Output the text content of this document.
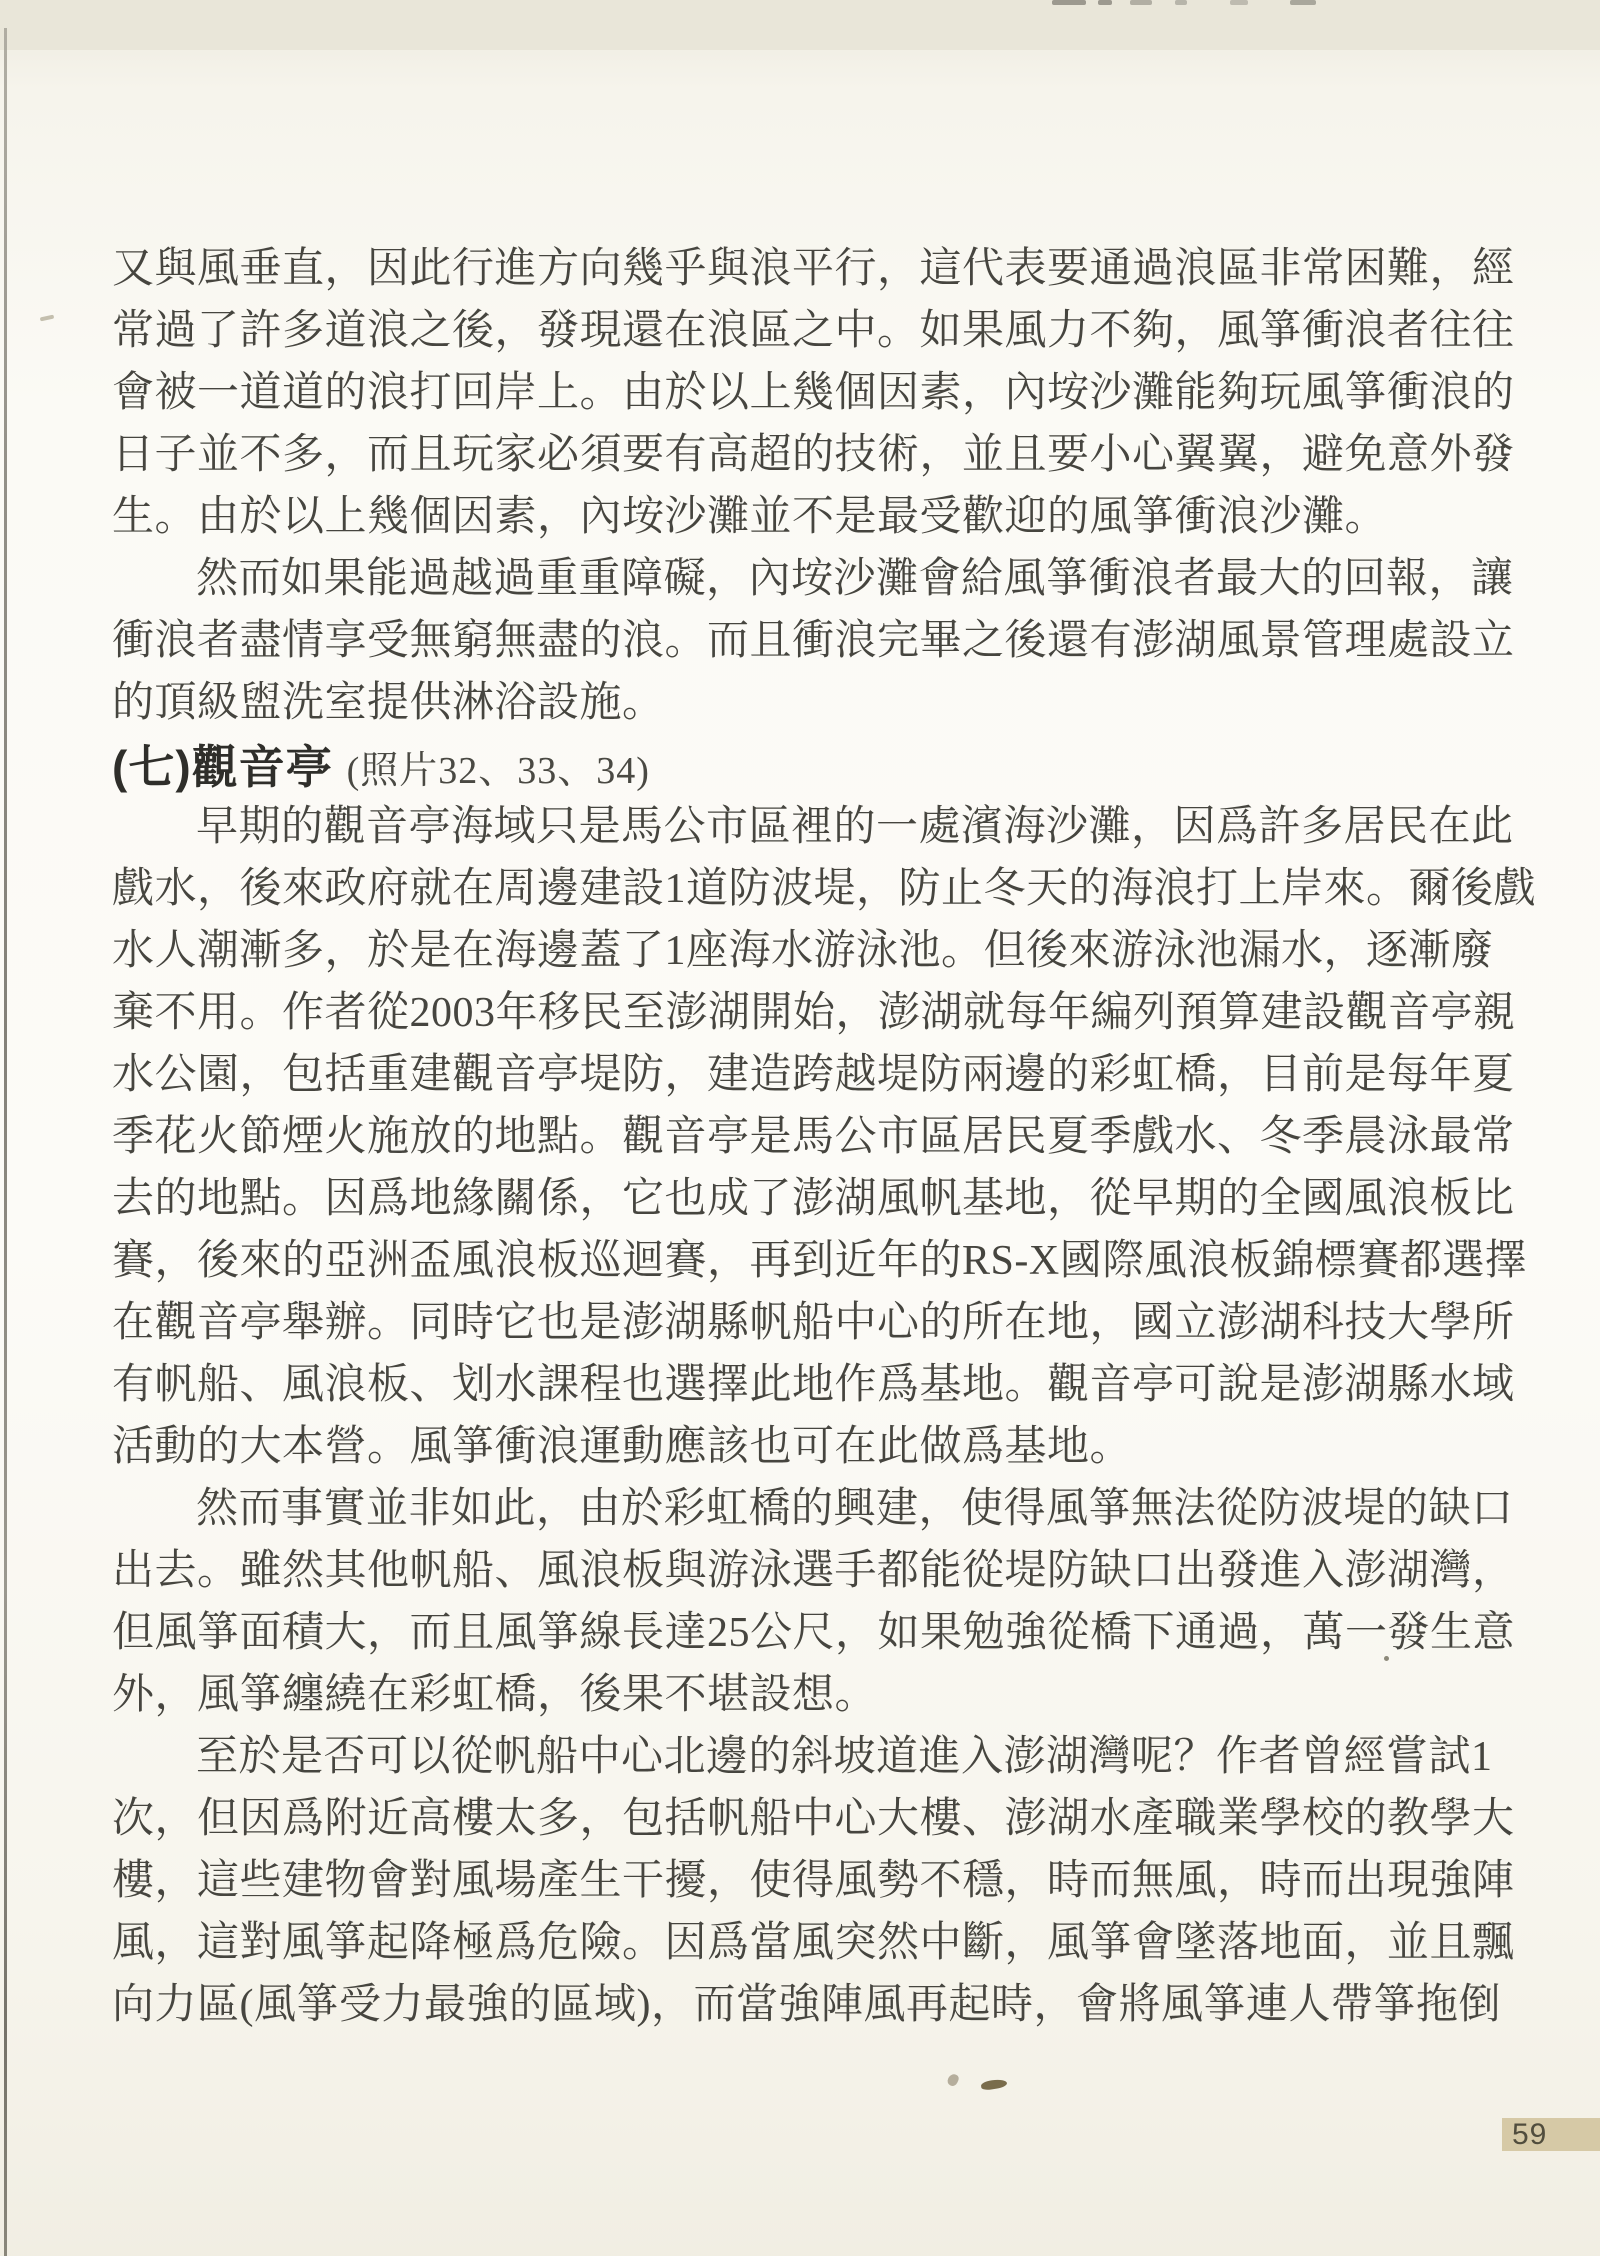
(七)觀音亭 (照片32、33、34)
又與風垂直，因此行進方向幾乎與浪平行，這代表要通過浪區非常困難，經
常過了許多道浪之後，發現還在浪區之中。如果風力不夠，風箏衝浪者往往
會被一道道的浪打回岸上。由於以上幾個因素，內垵沙灘能夠玩風箏衝浪的
日子並不多，而且玩家必須要有高超的技術，並且要小心翼翼，避免意外發
生。由於以上幾個因素，內垵沙灘並不是最受歡迎的風箏衝浪沙灘。
然而如果能過越過重重障礙，內垵沙灘會給風箏衝浪者最大的回報，讓
衝浪者盡情享受無窮無盡的浪。而且衝浪完畢之後還有澎湖風景管理處設立
的頂級盥洗室提供淋浴設施。
早期的觀音亭海域只是馬公市區裡的一處濱海沙灘，因爲許多居民在此
戲水，後來政府就在周邊建設1道防波堤，防止冬天的海浪打上岸來。爾後戲
水人潮漸多，於是在海邊蓋了1座海水游泳池。但後來游泳池漏水，逐漸廢
棄不用。作者從2003年移民至澎湖開始，澎湖就每年編列預算建設觀音亭親
水公園，包括重建觀音亭堤防，建造跨越堤防兩邊的彩虹橋，目前是每年夏
季花火節煙火施放的地點。觀音亭是馬公市區居民夏季戲水、冬季晨泳最常
去的地點。因爲地緣關係，它也成了澎湖風帆基地，從早期的全國風浪板比
賽，後來的亞洲盃風浪板巡迴賽，再到近年的RS-X國際風浪板錦標賽都選擇
在觀音亭舉辦。同時它也是澎湖縣帆船中心的所在地，國立澎湖科技大學所
有帆船、風浪板、划水課程也選擇此地作爲基地。觀音亭可說是澎湖縣水域
活動的大本營。風箏衝浪運動應該也可在此做爲基地。
然而事實並非如此，由於彩虹橋的興建，使得風箏無法從防波堤的缺口
出去。雖然其他帆船、風浪板與游泳選手都能從堤防缺口出發進入澎湖灣，
但風箏面積大，而且風箏線長達25公尺，如果勉強從橋下通過，萬一發生意
外，風箏纏繞在彩虹橋，後果不堪設想。
至於是否可以從帆船中心北邊的斜坡道進入澎湖灣呢？作者曾經嘗試1
次，但因爲附近高樓太多，包括帆船中心大樓、澎湖水產職業學校的教學大
樓，這些建物會對風場產生干擾，使得風勢不穩，時而無風，時而出現強陣
風，這對風箏起降極爲危險。因爲當風突然中斷，風箏會墜落地面，並且飄
向力區(風箏受力最強的區域)，而當強陣風再起時，會將風箏連人帶箏拖倒
59
